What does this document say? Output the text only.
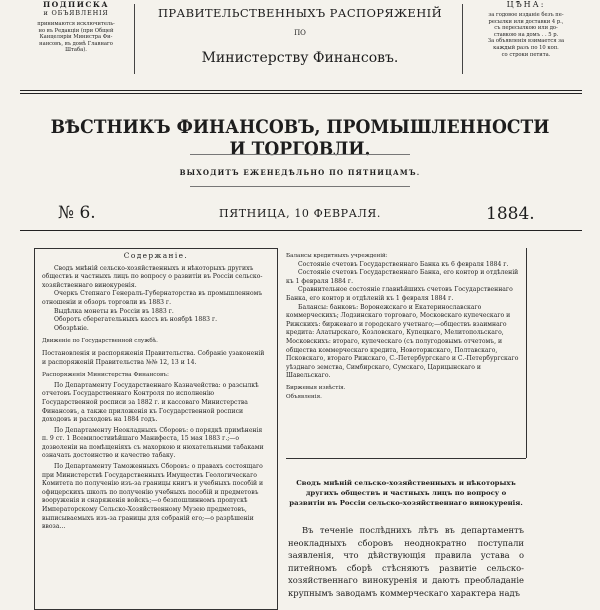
ПОДПИСКА
и ОБЪЯВЛЕНІЯ
принимаются исключитель-
но въ Редакціи (при Общей
Канцеляріи Министра Фи-
нансовъ, въ домѣ Главнаго
Штаба).
ЦѢНА:
за годовое изданіе безъ пе-
ресылки или доставки 4 р.,
съ пересылкою или до-
ставкою на домъ . . 5 р.
За объявленія взимается за
каждый разъ по 10 коп.
со строки петита.
ПРАВИТЕЛЬСТВЕННЫХЪ РАСПОРЯЖЕНІЙ
ПО
Министерству Финансовъ.
ВѢСТНИКЪ ФИНАНСОВЪ, ПРОМЫШЛЕННОСТИ И ТОРГОВЛИ.
ВЫХОДИТЪ ЕЖЕНЕДѢЛЬНО ПО ПЯТНИЦАМЪ.
№ 6.	ПЯТНИЦА, 10 ФЕВРАЛЯ.	1884.
Содержаніе.

Сводъ мнѣній сельско-хозяйственныхъ и нѣкоторыхъ другихъ обществъ и частныхъ лицъ по вопросу о развитіи въ Россіи сельско-хозяйственнаго винокуренія.

Очеркъ Степнаго Генералъ-Губернаторства въ промышленномъ отношеніи и обзоръ торговли въ 1883 г.

Выдѣлка монеты въ Россіи въ 1883 г.

Оборотъ сберегательныхъ кассъ въ ноябрѣ 1883 г.

Обозрѣніе.

Движеніе по Государственной службѣ.

Постановленія и распоряженія Правительства. Собраніе узаконеній и распоряженій Правительства №№ 12, 13 и 14.

Распоряженія Министерства Финансовъ:

По Департаменту Государственнаго Казначейства: о разсылкѣ отчетовъ Государственнаго Контроля по исполненію Государственной росписи за 1882 г. и кассоваго Министерства Финансовъ, а также приложенія къ Государственной росписи доходовъ и расходовъ на 1884 годъ.

По Департаменту Неокладныхъ Сборовъ: о порядкѣ примѣненія п. 9 ст. 1 Всемилостивѣйшаго Манифеста, 15 мая 1883 г.;—о дозволеніи на помѣщеніяхъ съ махоркою и нюхательными табаками означать достоинство и качество табаку.

По Департаменту Таможенныхъ Сборовъ: о правахъ состоящаго при Министерствѣ Государственныхъ Имуществъ Геологическаго Комитета по полученію изъ-за границы книгъ и учебныхъ пособій и офицерскихъ школъ по полученію учебныхъ пособій и предметовъ вооруженія и снаряженія войскъ;—о безпошлинномъ пропускѣ Императорскому Сельско-Хозяйственному Музею предметовъ, выписываемыхъ изъ-за границы для собраній его;—о разрѣшеніи ввоза...

Балансы кредитныхъ учрежденій:

Состояніе счетовъ Государственнаго Банка къ 6 февраля 1884 г.

Состояніе счетовъ Государственнаго Банка, его контор и отдѣленій къ 1 февраля 1884 г.

Сравнительное состояніе главнѣйшихъ счетовъ Государственнаго Банка, его контор и отдѣленій къ 1 февраля 1884 г.

Балансы: банковъ: Воронежскаго и Екатеринославскаго коммерческихъ; Лодзинскаго торговаго, Московскаго купеческаго и Рижскихъ: биржеваго и городскаго учетнаго;—обществъ взаимнаго кредита: Алатырскаго, Козловскаго, Купецкаго, Мелитопольскаго, Московскихъ: втораго, купеческаго (съ полугодовымъ отчетомъ, и общества коммерческаго кредита, Новоторжскаго, Полтавскаго, Псковскаго, втораго Рижскаго, С.-Петербургскаго и С.-Петербургскаго уѣзднаго земства, Симбирскаго, Сумскаго, Царицынскаго и Шавельскаго.

Биржевыя извѣстія.

Объявленія.

Сводъ мнѣній сельско-хозяйственныхъ и нѣкоторыхъ другихъ обществъ и частныхъ лицъ по вопросу о развитіи въ Россіи сельско-хозяйственнаго винокуренія.
Въ теченіе послѣднихъ лѣтъ въ департаментъ неокладныхъ сборовъ неоднократно поступали заявленія, что дѣйствующія правила устава о питейномъ сборѣ стѣсняютъ развитіе сельско-хозяйственнаго винокуренія и даютъ преобладаніе крупнымъ заводамъ коммерческаго характера надъ
